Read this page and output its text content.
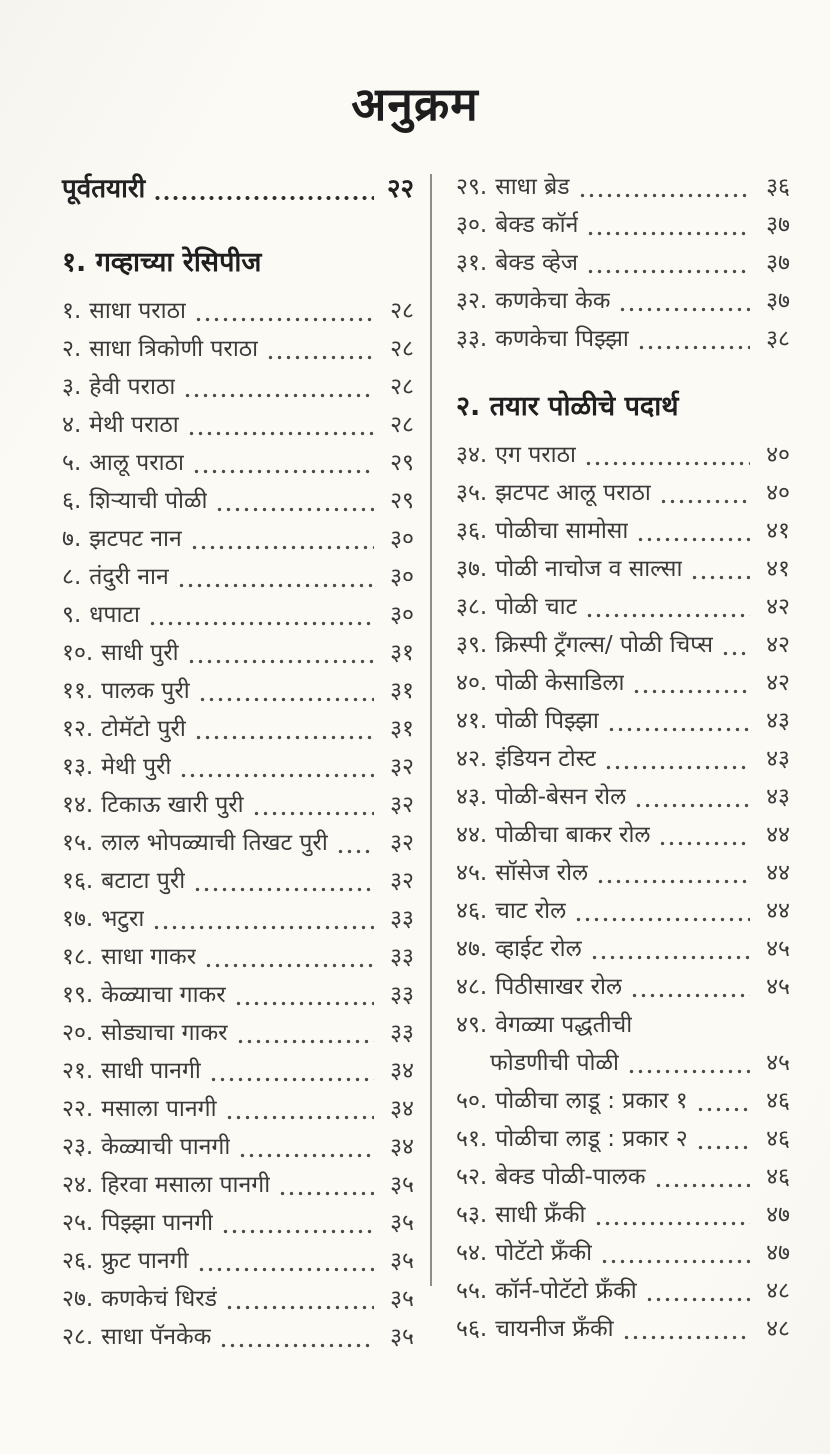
अनुक्रम
पूर्वतयारी	२२
१. गव्हाच्या रेसिपीज
१. साधा पराठा	२८
२. साधा त्रिकोणी पराठा	२८
३. हेवी पराठा	२८
४. मेथी पराठा	२८
५. आलू पराठा	२९
६. शिऱ्याची पोळी	२९
७. झटपट नान	३०
८. तंदुरी नान	३०
९. धपाटा	३०
१०. साधी पुरी	३१
११. पालक पुरी	३१
१२. टोमॅटो पुरी	३१
१३. मेथी पुरी	३२
१४. टिकाऊ खारी पुरी	३२
१५. लाल भोपळ्याची तिखट पुरी	३२
१६. बटाटा पुरी	३२
१७. भटुरा	३३
१८. साधा गाकर	३३
१९. केळ्याचा गाकर	३३
२०. सोड्याचा गाकर	३३
२१. साधी पानगी	३४
२२. मसाला पानगी	३४
२३. केळ्याची पानगी	३४
२४. हिरवा मसाला पानगी	३५
२५. पिझ्झा पानगी	३५
२६. फ्रुट पानगी	३५
२७. कणकेचं धिरडं	३५
२८. साधा पॅनकेक	३५
२९. साधा ब्रेड	३६
३०. बेक्ड कॉर्न	३७
३१. बेक्ड व्हेज	३७
३२. कणकेचा केक	३७
३३. कणकेचा पिझ्झा	३८
२. तयार पोळीचे पदार्थ
३४. एग पराठा	४०
३५. झटपट आलू पराठा	४०
३६. पोळीचा सामोसा	४१
३७. पोळी नाचोज व साल्सा	४१
३८. पोळी चाट	४२
३९. क्रिस्पी ट्रँगल्स/ पोळी चिप्स	४२
४०. पोळी केसाडिला	४२
४१. पोळी पिझ्झा	४३
४२. इंडियन टोस्ट	४३
४३. पोळी-बेसन रोल	४३
४४. पोळीचा बाकर रोल	४४
४५. सॉसेज रोल	४४
४६. चाट रोल	४४
४७. व्हाईट रोल	४५
४८. पिठीसाखर रोल	४५
४९. वेगळ्या पद्धतीची
फोडणीची पोळी	४५
५०. पोळीचा लाडू : प्रकार १	४६
५१. पोळीचा लाडू : प्रकार २	४६
५२. बेक्ड पोळी-पालक	४६
५३. साधी फ्रँकी	४७
५४. पोटॅटो फ्रँकी	४७
५५. कॉर्न-पोटॅटो फ्रँकी	४८
५६. चायनीज फ्रँकी	४८
